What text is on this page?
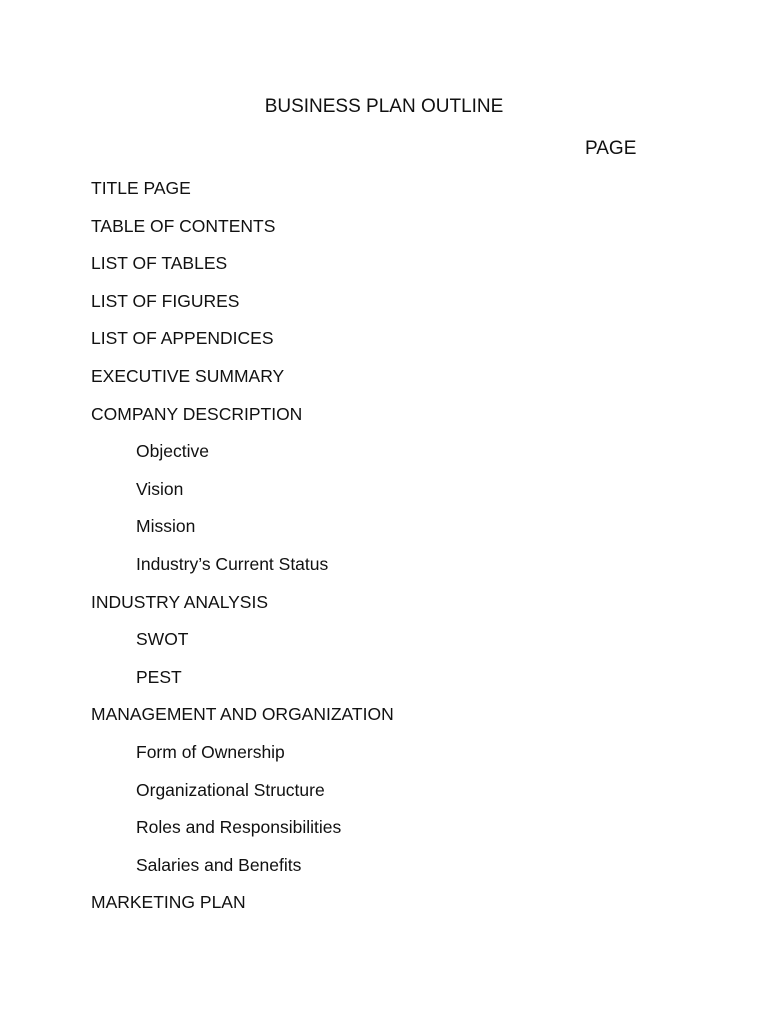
BUSINESS PLAN OUTLINE
PAGE
TITLE PAGE
TABLE OF CONTENTS
LIST OF TABLES
LIST OF FIGURES
LIST OF APPENDICES
EXECUTIVE SUMMARY
COMPANY DESCRIPTION
Objective
Vision
Mission
Industry’s Current Status
INDUSTRY ANALYSIS
SWOT
PEST
MANAGEMENT AND ORGANIZATION
Form of Ownership
Organizational Structure
Roles and Responsibilities
Salaries and Benefits
MARKETING PLAN
